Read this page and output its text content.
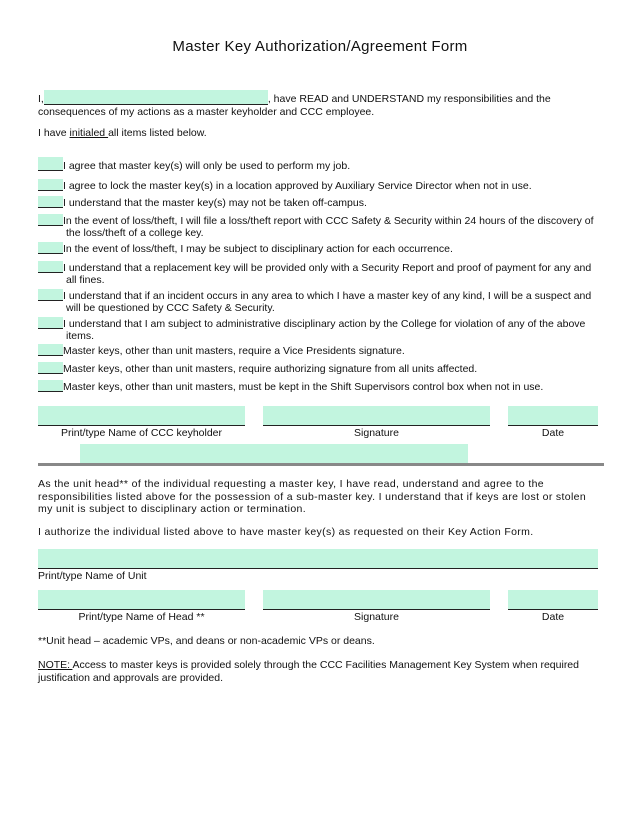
Master Key Authorization/Agreement Form
I,	, have READ and UNDERSTAND my responsibilities and the
consequences of my actions as a master keyholder and CCC employee.
I have initialed all items listed below.
I agree that master key(s) will only be used to perform my job.
I agree to lock the master key(s) in a location approved by Auxiliary Service Director when not in use.
I understand that the master key(s) may not be taken off-campus.
In the event of loss/theft, I will file a loss/theft report with CCC Safety & Security within 24 hours of the discovery of
the loss/theft of a college key.
In the event of loss/theft, I may be subject to disciplinary action for each occurrence.
I understand that a replacement key will be provided only with a Security Report and proof of payment for any and
all fines.
I understand that if an incident occurs in any area to which I have a master key of any kind, I will be a suspect and
will be questioned by CCC Safety & Security.
I understand that I am subject to administrative disciplinary action by the College for violation of any of the above
items.
Master keys, other than unit masters, require a Vice Presidents signature.
Master keys, other than unit masters, require authorizing signature from all units affected.
Master keys, other than unit masters, must be kept in the Shift Supervisors control box when not in use.
Print/type Name of CCC keyholder	Signature	Date
As the unit head** of the individual requesting a master key, I have read, understand and agree to the responsibilities listed above for the possession of a sub-master key. I understand that if keys are lost or stolen my unit is subject to disciplinary action or termination.
I authorize the individual listed above to have master key(s) as requested on their Key Action Form.
Print/type Name of Unit
Print/type Name of Head **	Signature	Date
**Unit head – academic VPs, and deans or non-academic VPs or deans.
NOTE: Access to master keys is provided solely through the CCC Facilities Management Key System when required justification and approvals are provided.
